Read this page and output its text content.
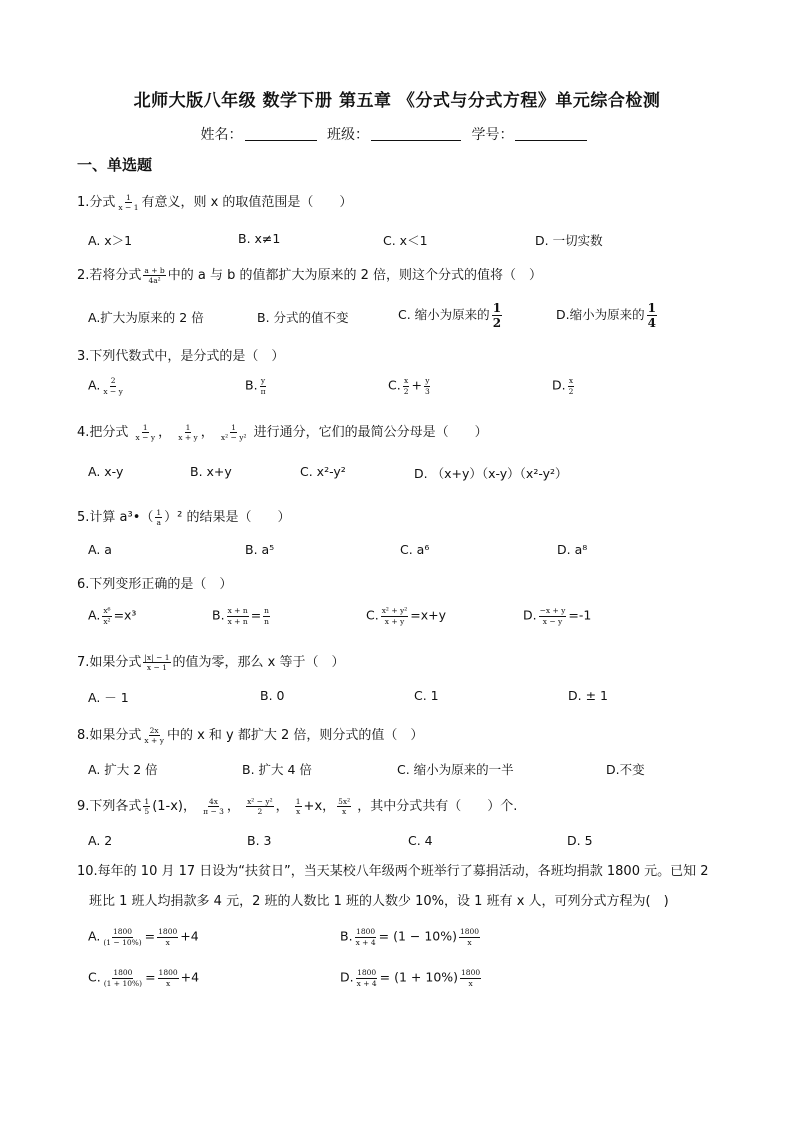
北师大版八年级 数学下册 第五章 《分式与分式方程》单元综合检测
姓名：	班级：	学号：
一、单选题
1.分式 $\frac{1}{x - 1}$ 有意义，则 x 的取值范围是（　　）
A. x＞1	B. x≠1	C. x＜1	D. 一切实数
2.若将分式 $\frac{a + b}{\text{4a²}}$ 中的 a 与 b 的值都扩大为原来的 2 倍，则这个分式的值将（　）
A.扩大为原来的 2 倍	B. 分式的值不变	C. 缩小为原来的 $\frac{1}{2}$	D.缩小为原来的 $\frac{1}{4}$
3.下列代数式中，是分式的是（　）
A. $\frac{2}{x - y}$	B. $\frac{y}{\pi}$	C. $\frac{x}{2} + \frac{y}{3}$	D. $\frac{x}{2}$
4.把分式 $\frac{1}{x - y}$ ， $\frac{1}{x + y}$ ， $\frac{1}{\text{x² − y²}}$ 进行通分，它们的最简公分母是（　　）
A. x-y	B. x+y	C. x²-y²	D. （x+y）（x-y）（x²-y²）
5.计算 a³•（ $\frac{1}{a} )^2$ 的结果是（　　）
A. a	B. a⁵	C. a⁶	D. a⁸
6.下列变形正确的是（　）
A. $\frac{\text{x⁶}}{\text{x²}} =x^3$	B. $\frac{x + n}{x + n} = \frac{n}{n}$	C. $\frac{\text{x² + y²}}{x + y} =x+y$	D. $\frac{-x + y}{x - y} =-1$
7.如果分式 $\frac{|x| - 1}{x - 1}$ 的值为零，那么 x 等于（　）
A. － 1	B. 0	C. 1	D. ± 1
8.如果分式 $\frac{2x}{x + y}$ 中的 x 和 y 都扩大 2 倍，则分式的值（　）
A. 扩大 2 倍	B. 扩大 4 倍	C. 缩小为原来的一半	D.不变
9.下列各式 $\frac{1}{5} (1-x)$， $\frac{4x}{\pi - 3}$ ， $\frac{\text{x² − y²}}{2}$ ， $\frac{1}{x} +x$， $\frac{\text{5x²}}{x}$ ，其中分式共有（　　）个.
A. 2	B. 3	C. 4	D. 5
10.每年的 10 月 17 日设为“扶贫日”，当天某校八年级两个班举行了募捐活动，各班均捐款 1800 元。已知 2
班比 1 班人均捐款多 4 元，2 班的人数比 1 班的人数少 10%，设 1 班有 x 人，可列分式方程为(　)
A. $\frac{1800}{(1 - 10\%)} = \frac{1800}{x} +4$	B. $\frac{1800}{x + 4} = (1 - 10\%) \frac{1800}{x}$
C. $\frac{1800}{(1 + 10\%)} = \frac{1800}{x} +4$	D. $\frac{1800}{x + 4} = (1 + 10\%) \frac{1800}{x}$
